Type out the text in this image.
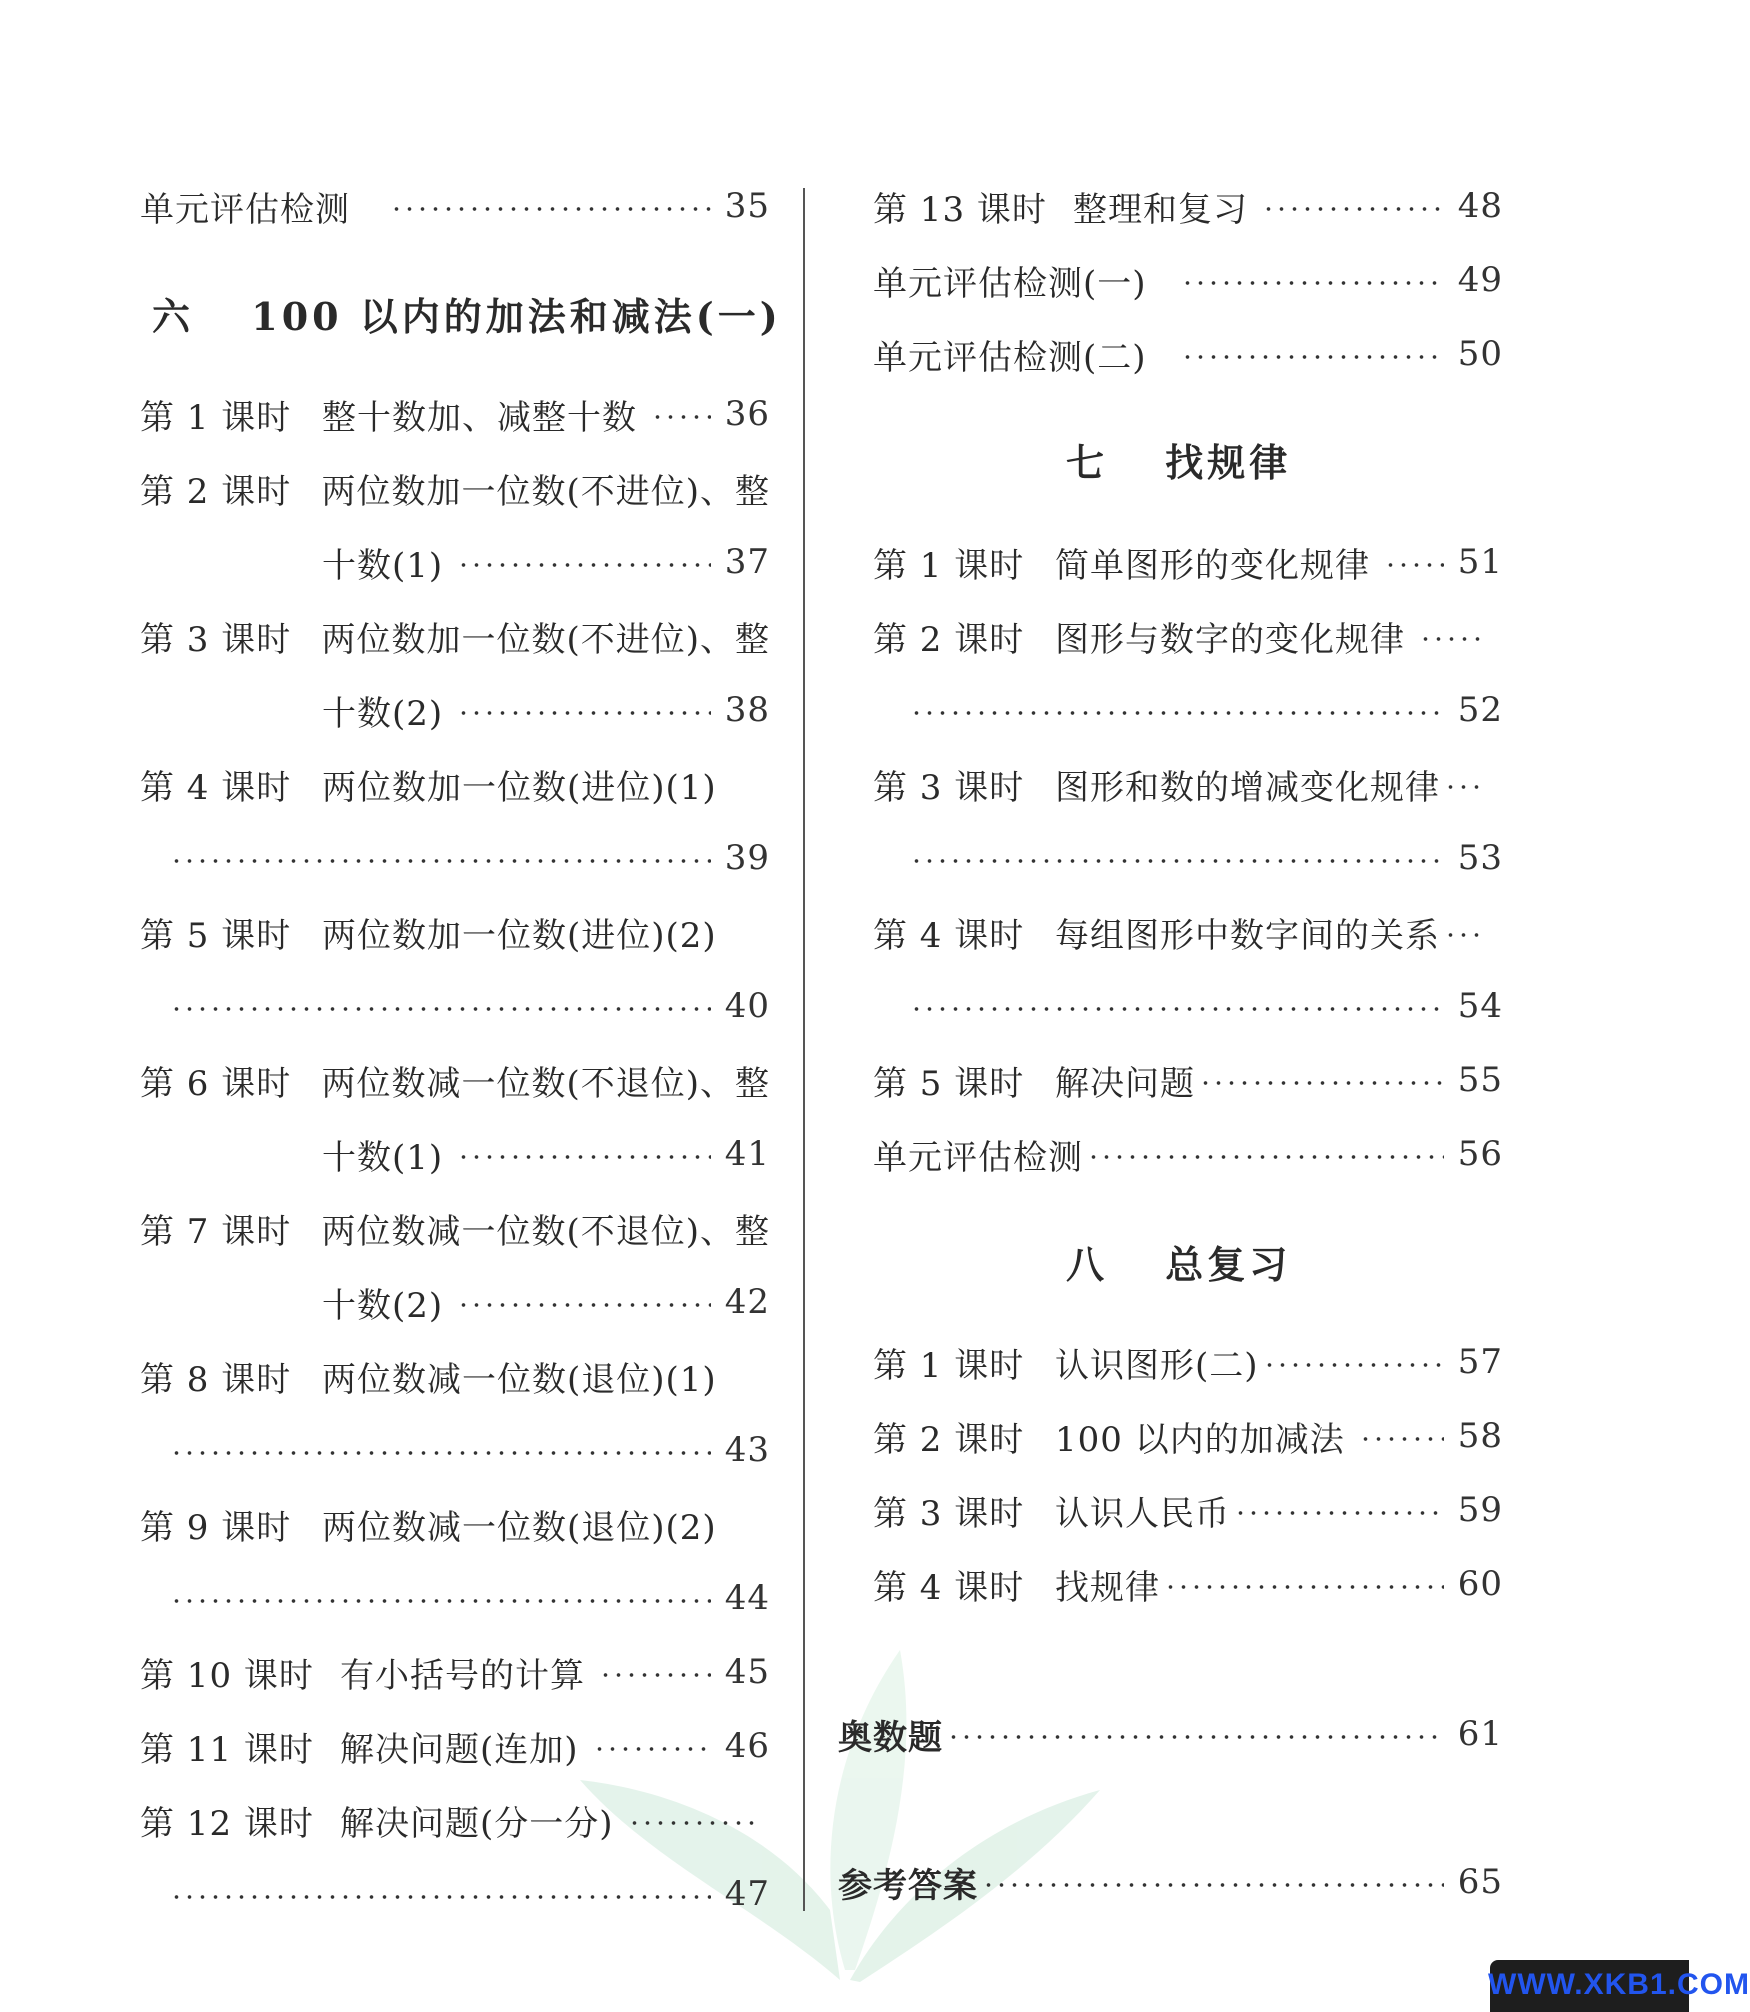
单元评估检测	35
六 100 以内的加法和减法(一)
第 1 课时 整十数加、减整十数	36
第 2 课时 两位数加一位数(不进位)、整
十数(1)	37
第 3 课时 两位数加一位数(不进位)、整
十数(2)	38
第 4 课时 两位数加一位数(进位)(1)
39
第 5 课时 两位数加一位数(进位)(2)
40
第 6 课时 两位数减一位数(不退位)、整
十数(1)	41
第 7 课时 两位数减一位数(不退位)、整
十数(2)	42
第 8 课时 两位数减一位数(退位)(1)
43
第 9 课时 两位数减一位数(退位)(2)
44
第 10 课时 有小括号的计算	45
第 11 课时 解决问题(连加)	46
第 12 课时 解决问题(分一分)
47
第 13 课时 整理和复习	48
单元评估检测(一)	49
单元评估检测(二)	50
七 找规律
第 1 课时 简单图形的变化规律	51
第 2 课时 图形与数字的变化规律
52
第 3 课时 图形和数的增减变化规律
53
第 4 课时 每组图形中数字间的关系
54
第 5 课时 解决问题	55
单元评估检测	56
八 总复习
第 1 课时 认识图形(二)	57
第 2 课时 100 以内的加减法	58
第 3 课时 认识人民币	59
第 4 课时 找规律	60
奥数题	61
参考答案	65
WWW.XKB1.COM
